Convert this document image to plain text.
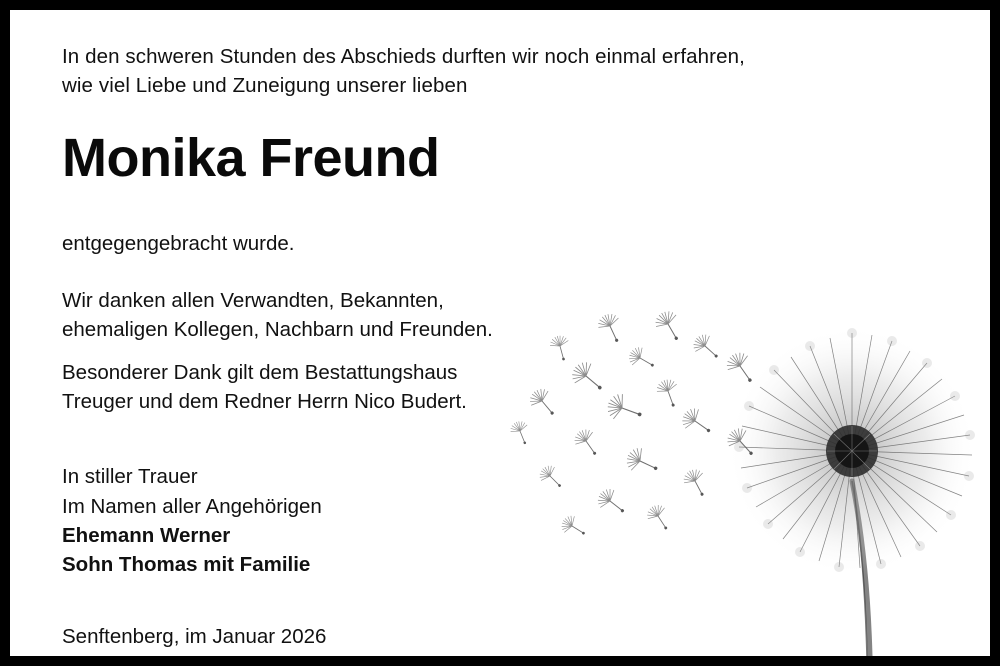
In den schweren Stunden des Abschieds durften wir noch einmal erfahren,
wie viel Liebe und Zuneigung unserer lieben
Monika Freund
entgegengebracht wurde.
Wir danken allen Verwandten, Bekannten,
ehemaligen Kollegen, Nachbarn und Freunden.
Besonderer Dank gilt dem Bestattungshaus
Treuger und dem Redner Herrn Nico Budert.
In stiller Trauer
Im Namen aller Angehörigen
Ehemann Werner
Sohn Thomas mit Familie
Senftenberg, im Januar 2026
